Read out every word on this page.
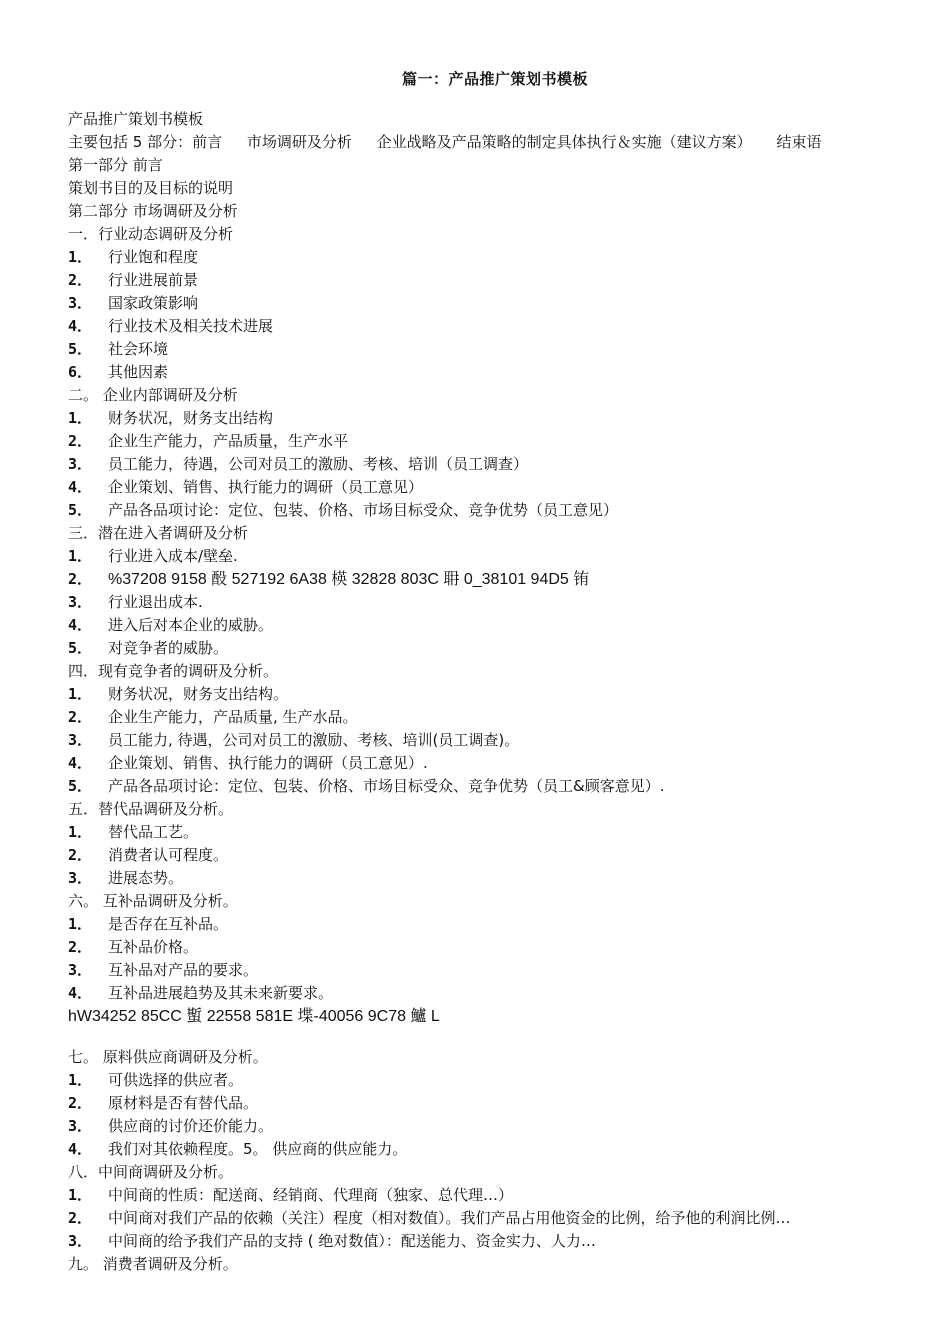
篇一：产品推广策划书模板
产品推广策划书模板
主要包括 5 部分：前言 市场调研及分析 企业战略及产品策略的制定具体执行＆实施（建议方案） 结束语
第一部分 前言
策划书目的及目标的说明
第二部分 市场调研及分析
一．行业动态调研及分析
1． 行业饱和程度
2． 行业进展前景
3． 国家政策影响
4． 行业技术及相关技术进展
5． 社会环境
6． 其他因素
二。 企业内部调研及分析
1． 财务状况，财务支出结构
2． 企业生产能力，产品质量，生产水平
3． 员工能力，待遇，公司对员工的激励、考核、培训（员工调查）
4． 企业策划、销售、执行能力的调研（员工意见）
5． 产品各品项讨论：定位、包装、价格、市场目标受众、竞争优势（员工意见）
三．潜在进入者调研及分析
1． 行业进入成本/壁垒.
2． %37208 9158 酘 527192 6A38 楧 32828 803C 耼 0_38101 94D5 铕
3． 行业退出成本.
4． 进入后对本企业的威胁。
5． 对竞争者的威胁。
四．现有竞争者的调研及分析。
1． 财务状况，财务支出结构。
2． 企业生产能力，产品质量, 生产水品。
3． 员工能力, 待遇，公司对员工的激励、考核、培训(员工调查)。
4． 企业策划、销售、执行能力的调研（员工意见）.
5． 产品各品项讨论：定位、包装、价格、市场目标受众、竞争优势（员工&顾客意见）.
五．替代品调研及分析。
1． 替代品工艺。
2． 消费者认可程度。
3． 进展态势。
六。 互补品调研及分析。
1． 是否存在互补品。
2． 互补品价格。
3． 互补品对产品的要求。
4． 互补品进展趋势及其未来新要求。
hW34252 85CC 蟴 22558 581E 堞-40056 9C78 鱸 L
七。 原料供应商调研及分析。
1． 可供选择的供应者。
2． 原材料是否有替代品。
3． 供应商的讨价还价能力。
4． 我们对其依赖程度。5。 供应商的供应能力。
八．中间商调研及分析。
1． 中间商的性质：配送商、经销商、代理商（独家、总代理…）
2． 中间商对我们产品的依赖（关注）程度（相对数值）。我们产品占用他资金的比例，给予他的利润比例…
3． 中间商的给予我们产品的支持 ( 绝对数值）：配送能力、资金实力、人力…
九。 消费者调研及分析。
